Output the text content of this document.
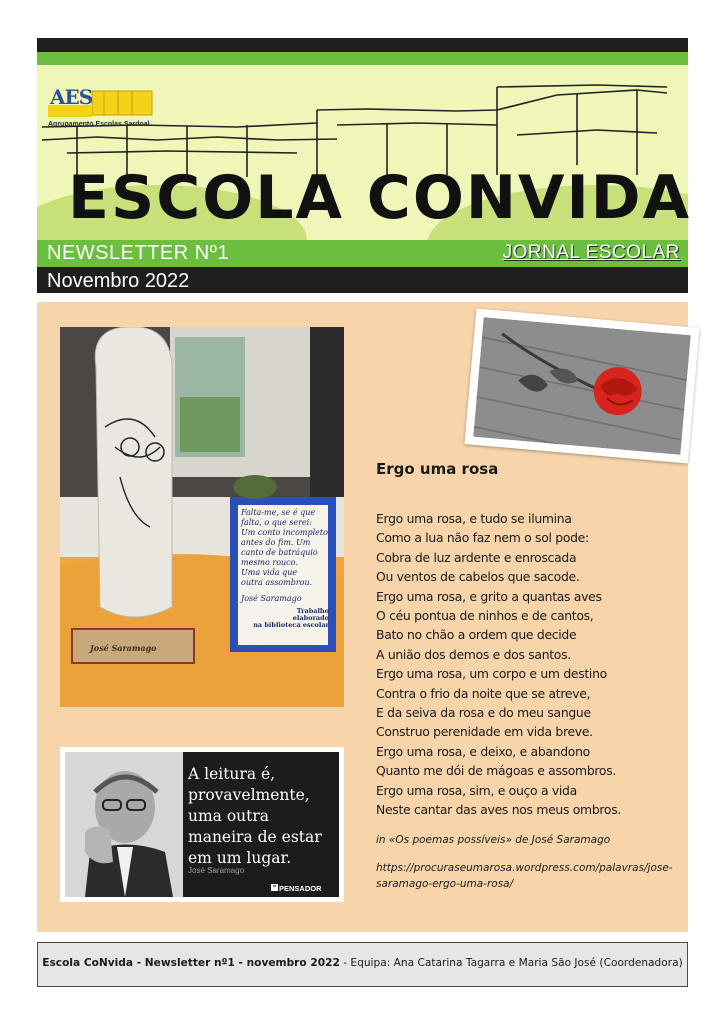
AES
Agrupamento Escolas Sardoal
ESCOLA CONVIDA
NEWSLETTER Nº1	JORNAL ESCOLAR
Novembro 2022
Falta-me, se é que
falta, o que serei:
Um conto incompleto
antes do fim. Um
canto de batráquio
mesmo rouco.
Uma vida que
outra assombrou.
José Saramago
Trabalho
elaborado
na biblioteca escolar
José Saramago
Ergo uma rosa
Ergo uma rosa, e tudo se ilumina
Como a lua não faz nem o sol pode:
Cobra de luz ardente e enroscada
Ou ventos de cabelos que sacode.
Ergo uma rosa, e grito a quantas aves
O céu pontua de ninhos e de cantos,
Bato no chão a ordem que decide
A união dos demos e dos santos.
Ergo uma rosa, um corpo e um destino
Contra o frio da noite que se atreve,
E da seiva da rosa e do meu sangue
Construo perenidade em vida breve.
Ergo uma rosa, e deixo, e abandono
Quanto me dói de mágoas e assombros.
Ergo uma rosa, sim, e ouço a vida
Neste cantar das aves nos meus ombros.
in «Os poemas possíveis» de José Saramago
https://procuraseumarosa.wordpress.com/palavras/jose-saramago-ergo-uma-rosa/
A leitura é, provavelmente, uma outra maneira de estar em um lugar.
José Saramago
❝ PENSADOR
Escola CoNvida - Newsletter nº1 - novembro 2022 - Equipa: Ana Catarina Tagarra e Maria São José (Coordenadora)
